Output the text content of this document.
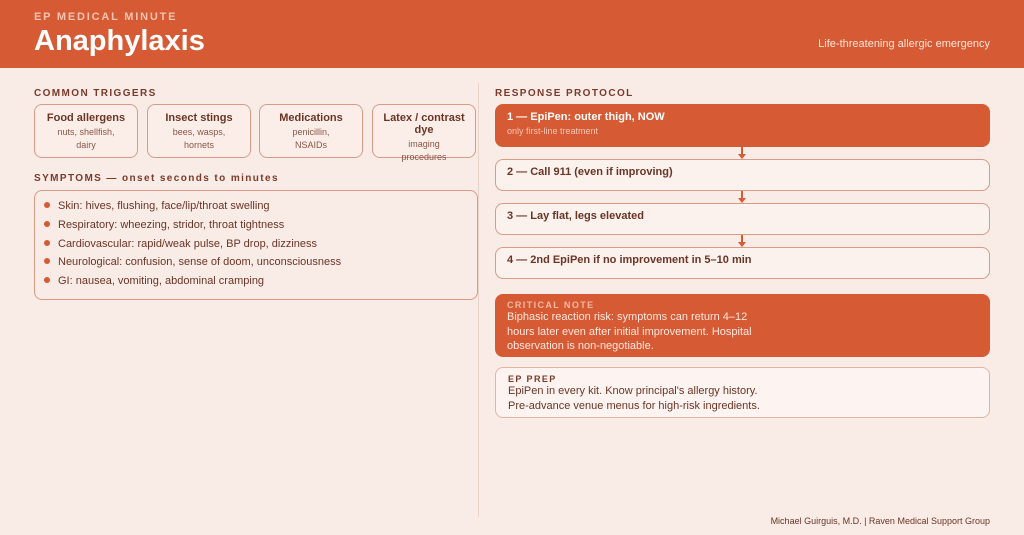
EP MEDICAL MINUTE
Anaphylaxis	Life-threatening allergic emergency
COMMON TRIGGERS
Food allergens
nuts, shellfish,
dairy
Insect stings
bees, wasps,
hornets
Medications
penicillin,
NSAIDs
Latex / contrast dye
imaging
procedures
SYMPTOMS — onset seconds to minutes
Skin: hives, flushing, face/lip/throat swelling
Respiratory: wheezing, stridor, throat tightness
Cardiovascular: rapid/weak pulse, BP drop, dizziness
Neurological: confusion, sense of doom, unconsciousness
GI: nausea, vomiting, abdominal cramping
RESPONSE PROTOCOL
1 — EpiPen: outer thigh, NOW
only first-line treatment
2 — Call 911 (even if improving)
3 — Lay flat, legs elevated
4 — 2nd EpiPen if no improvement in 5–10 min
CRITICAL NOTE
Biphasic reaction risk: symptoms can return 4–12 hours later even after initial improvement. Hospital observation is non-negotiable.
EP PREP
EpiPen in every kit. Know principal's allergy history.
Pre-advance venue menus for high-risk ingredients.
Michael Guirguis, M.D. | Raven Medical Support Group
